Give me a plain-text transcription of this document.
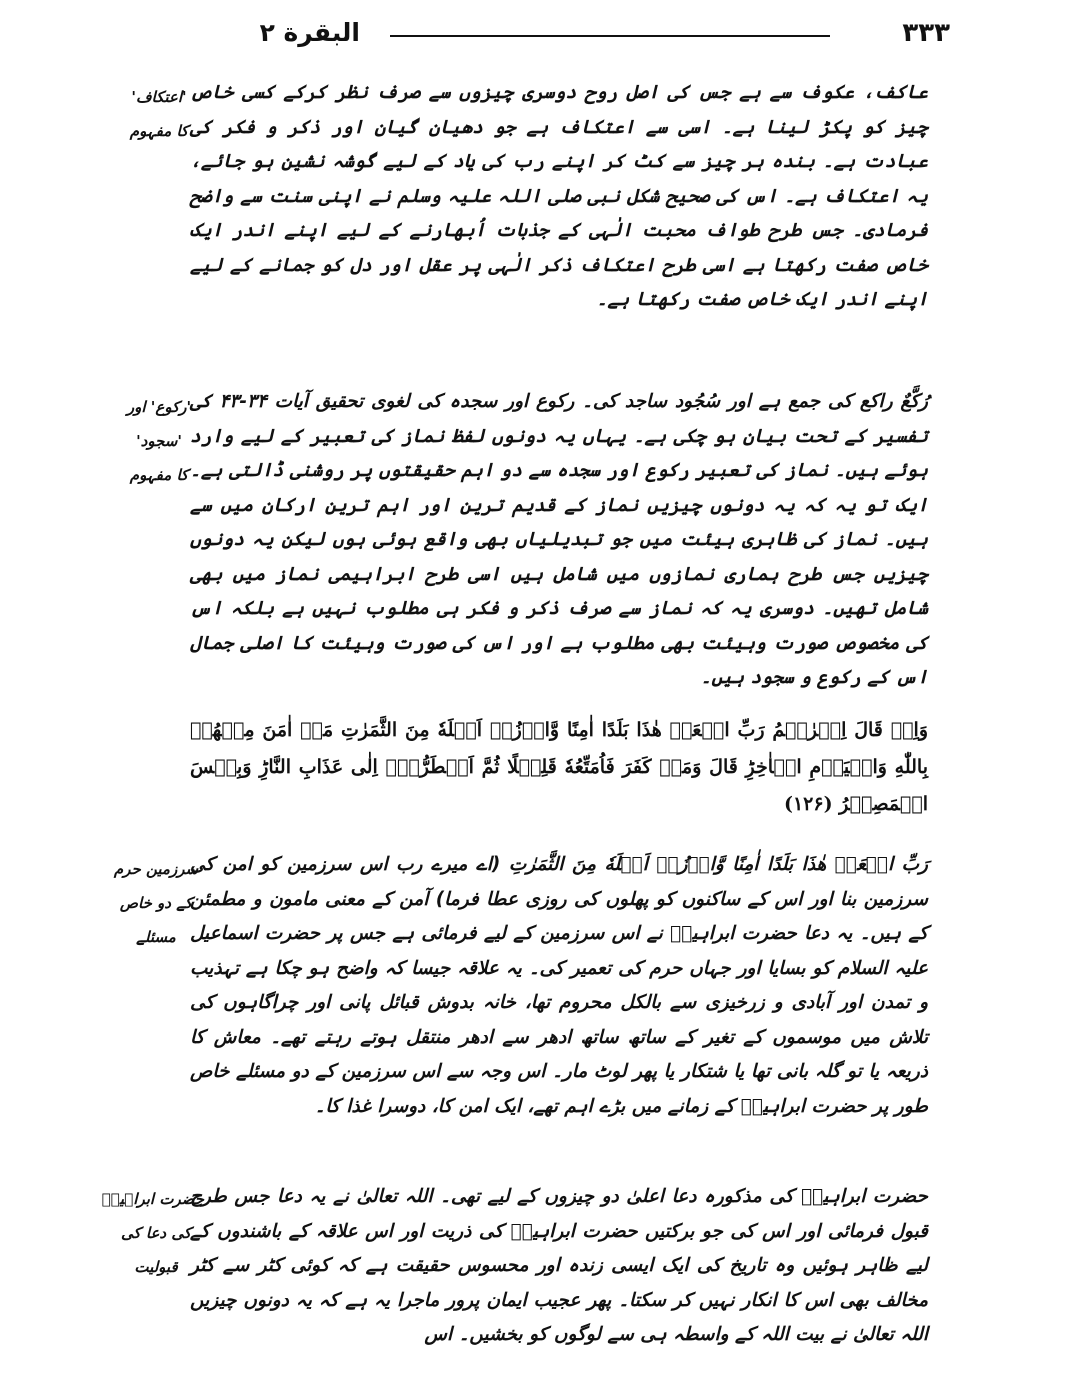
۳۳۳
البقرة ۲

عاکف، عکوف سے ہے جس کی اصل روح دوسری چیزوں سے صرف نظر کرکے کسی خاص چیز کو پکڑ لینا ہے۔ اسی سے اعتکاف ہے جو دھیان گیان اور ذکر و فکر کی عبادت ہے۔ بندہ ہر چیز سے کٹ کر اپنے رب کی یاد کے لیے گوشہ نشین ہو جائے، یہ اعتکاف ہے۔ اس کی صحیح شکل نبی صلی اللہ علیہ وسلم نے اپنی سنت سے واضح فرمادی۔ جس طرح طواف محبت الٰہی کے جذبات اُبھارنے کے لیے اپنے اندر ایک خاص صفت رکھتا ہے اسی طرح اعتکاف ذکر الٰہی پر عقل اور دل کو جمانے کے لیے اپنے اندر ایک خاص صفت رکھتا ہے۔

رُکَّعٌ راکع کی جمع ہے اور سُجُود ساجد کی۔ رکوع اور سجدہ کی لغوی تحقیق آیات ۳۴-۴۳ کی تفسیر کے تحت بیان ہو چکی ہے۔ یہاں یہ دونوں لفظ نماز کی تعبیر کے لیے وارد ہوئے ہیں۔ نماز کی تعبیر رکوع اور سجدہ سے دو اہم حقیقتوں پر روشنی ڈالتی ہے۔ ایک تو یہ کہ یہ دونوں چیزیں نماز کے قدیم ترین اور اہم ترین ارکان میں سے ہیں۔ نماز کی ظاہری ہیئت میں جو تبدیلیاں بھی واقع ہوئی ہوں لیکن یہ دونوں چیزیں جس طرح ہماری نمازوں میں شامل ہیں اسی طرح ابراہیمی نماز میں بھی شامل تھیں۔ دوسری یہ کہ نماز سے صرف ذکر و فکر ہی مطلوب نہیں ہے بلکہ اس کی مخصوص صورت وہیئت بھی مطلوب ہے اور اس کی صورت وہیئت کا اصلی جمال اس کے رکوع و سجود ہیں۔

وَاِذۡ قَالَ اِبۡرٰهٖمُ رَبِّ اجۡعَلۡ هٰذَا بَلَدًا اٰمِنًا وَّارۡزُقۡ اَهۡلَهٗ مِنَ الثَّمَرٰتِ مَنۡ اٰمَنَ مِنۡهُمۡ بِاللّٰهِ وَالۡيَوۡمِ الۡاٰخِرِ‌ؕ قَالَ وَمَنۡ كَفَرَ فَاُمَتِّعُهٗ قَلِيۡلًا ثُمَّ اَضۡطَرُّهٗۤ اِلٰى عَذَابِ النَّارِ‌ؕ وَبِئۡسَ الۡمَصِيۡرُ (۱۲۶)

رَبِّ اجۡعَلۡ هٰذَا بَلَدًا اٰمِنًا وَّارۡزُقۡ اَهۡلَهٗ مِنَ الثَّمَرٰتِ (اے میرے رب اس سرزمین کو امن کی سرزمین بنا اور اس کے ساکنوں کو پھلوں کی روزی عطا فرما) آمن کے معنی مامون و مطمئن کے ہیں۔ یہ دعا حضرت ابراہیمؑ نے اس سرزمین کے لیے فرمائی ہے جس پر حضرت اسماعیل علیہ السلام کو بسایا اور جہاں حرم کی تعمیر کی۔ یہ علاقہ جیسا کہ واضح ہو چکا ہے تہذیب و تمدن اور آبادی و زرخیزی سے بالکل محروم تھا، خانہ بدوش قبائل پانی اور چراگاہوں کی تلاش میں موسموں کے تغیر کے ساتھ ساتھ ادھر سے ادھر منتقل ہوتے رہتے تھے۔ معاش کا ذریعہ یا تو گلہ بانی تھا یا شتکار یا پھر لوٹ مار۔ اس وجہ سے اس سرزمین کے دو مسئلے خاص طور پر حضرت ابراہیمؑ کے زمانے میں بڑے اہم تھے، ایک امن کا، دوسرا غذا کا۔

حضرت ابراہیمؑ کی مذکورہ دعا اعلیٰ دو چیزوں کے لیے تھی۔ اللہ تعالیٰ نے یہ دعا جس طرح قبول فرمائی اور اس کی جو برکتیں حضرت ابراہیمؑ کی ذریت اور اس علاقہ کے باشندوں کے لیے ظاہر ہوئیں وہ تاریخ کی ایک ایسی زندہ اور محسوس حقیقت ہے کہ کوئی کٹر سے کٹر مخالف بھی اس کا انکار نہیں کر سکتا۔ پھر عجیب ایمان پرور ماجرا یہ ہے کہ یہ دونوں چیزیں اللہ تعالیٰ نے بیت اللہ کے واسطہ ہی سے لوگوں کو بخشیں۔ اس

'اعتکاف'
کا مفہوم
'رکوع' اور
'سجود'
کا مفہوم
سرزمین حرم
کے دو خاص
مسئلے
حضرت ابراہیمؑ
کی دعا کی
قبولیت
